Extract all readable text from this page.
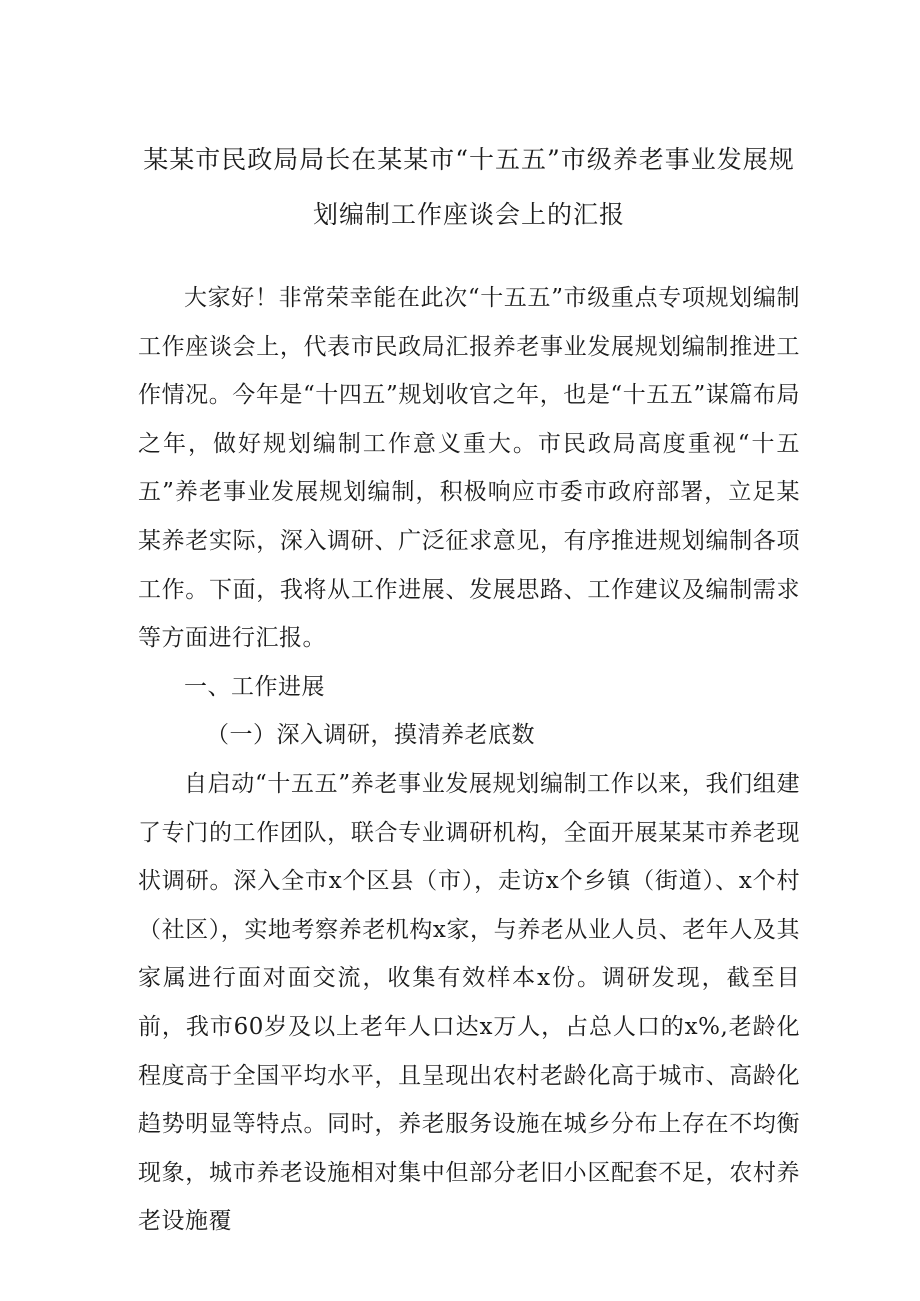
某某市民政局局长在某某市“十五五”市级养老事业发展规
划编制工作座谈会上的汇报

大家好！非常荣幸能在此次“十五五”市级重点专项规划编制工作座谈会上，代表市民政局汇报养老事业发展规划编制推进工作情况。今年是“十四五”规划收官之年，也是“十五五”谋篇布局之年，做好规划编制工作意义重大。市民政局高度重视“十五五”养老事业发展规划编制，积极响应市委市政府部署，立足某某养老实际，深入调研、广泛征求意见，有序推进规划编制各项工作。下面，我将从工作进展、发展思路、工作建议及编制需求等方面进行汇报。

一、工作进展

（一）深入调研，摸清养老底数

自启动“十五五”养老事业发展规划编制工作以来，我们组建了专门的工作团队，联合专业调研机构，全面开展某某市养老现状调研。深入全市x个区县（市），走访x个乡镇（街道）、x个村（社区），实地考察养老机构x家，与养老从业人员、老年人及其家属进行面对面交流，收集有效样本x份。调研发现，截至目前，我市60岁及以上老年人口达x万人，占总人口的x%,老龄化程度高于全国平均水平，且呈现出农村老龄化高于城市、高龄化趋势明显等特点。同时，养老服务设施在城乡分布上存在不均衡现象，城市养老设施相对集中但部分老旧小区配套不足，农村养老设施覆
